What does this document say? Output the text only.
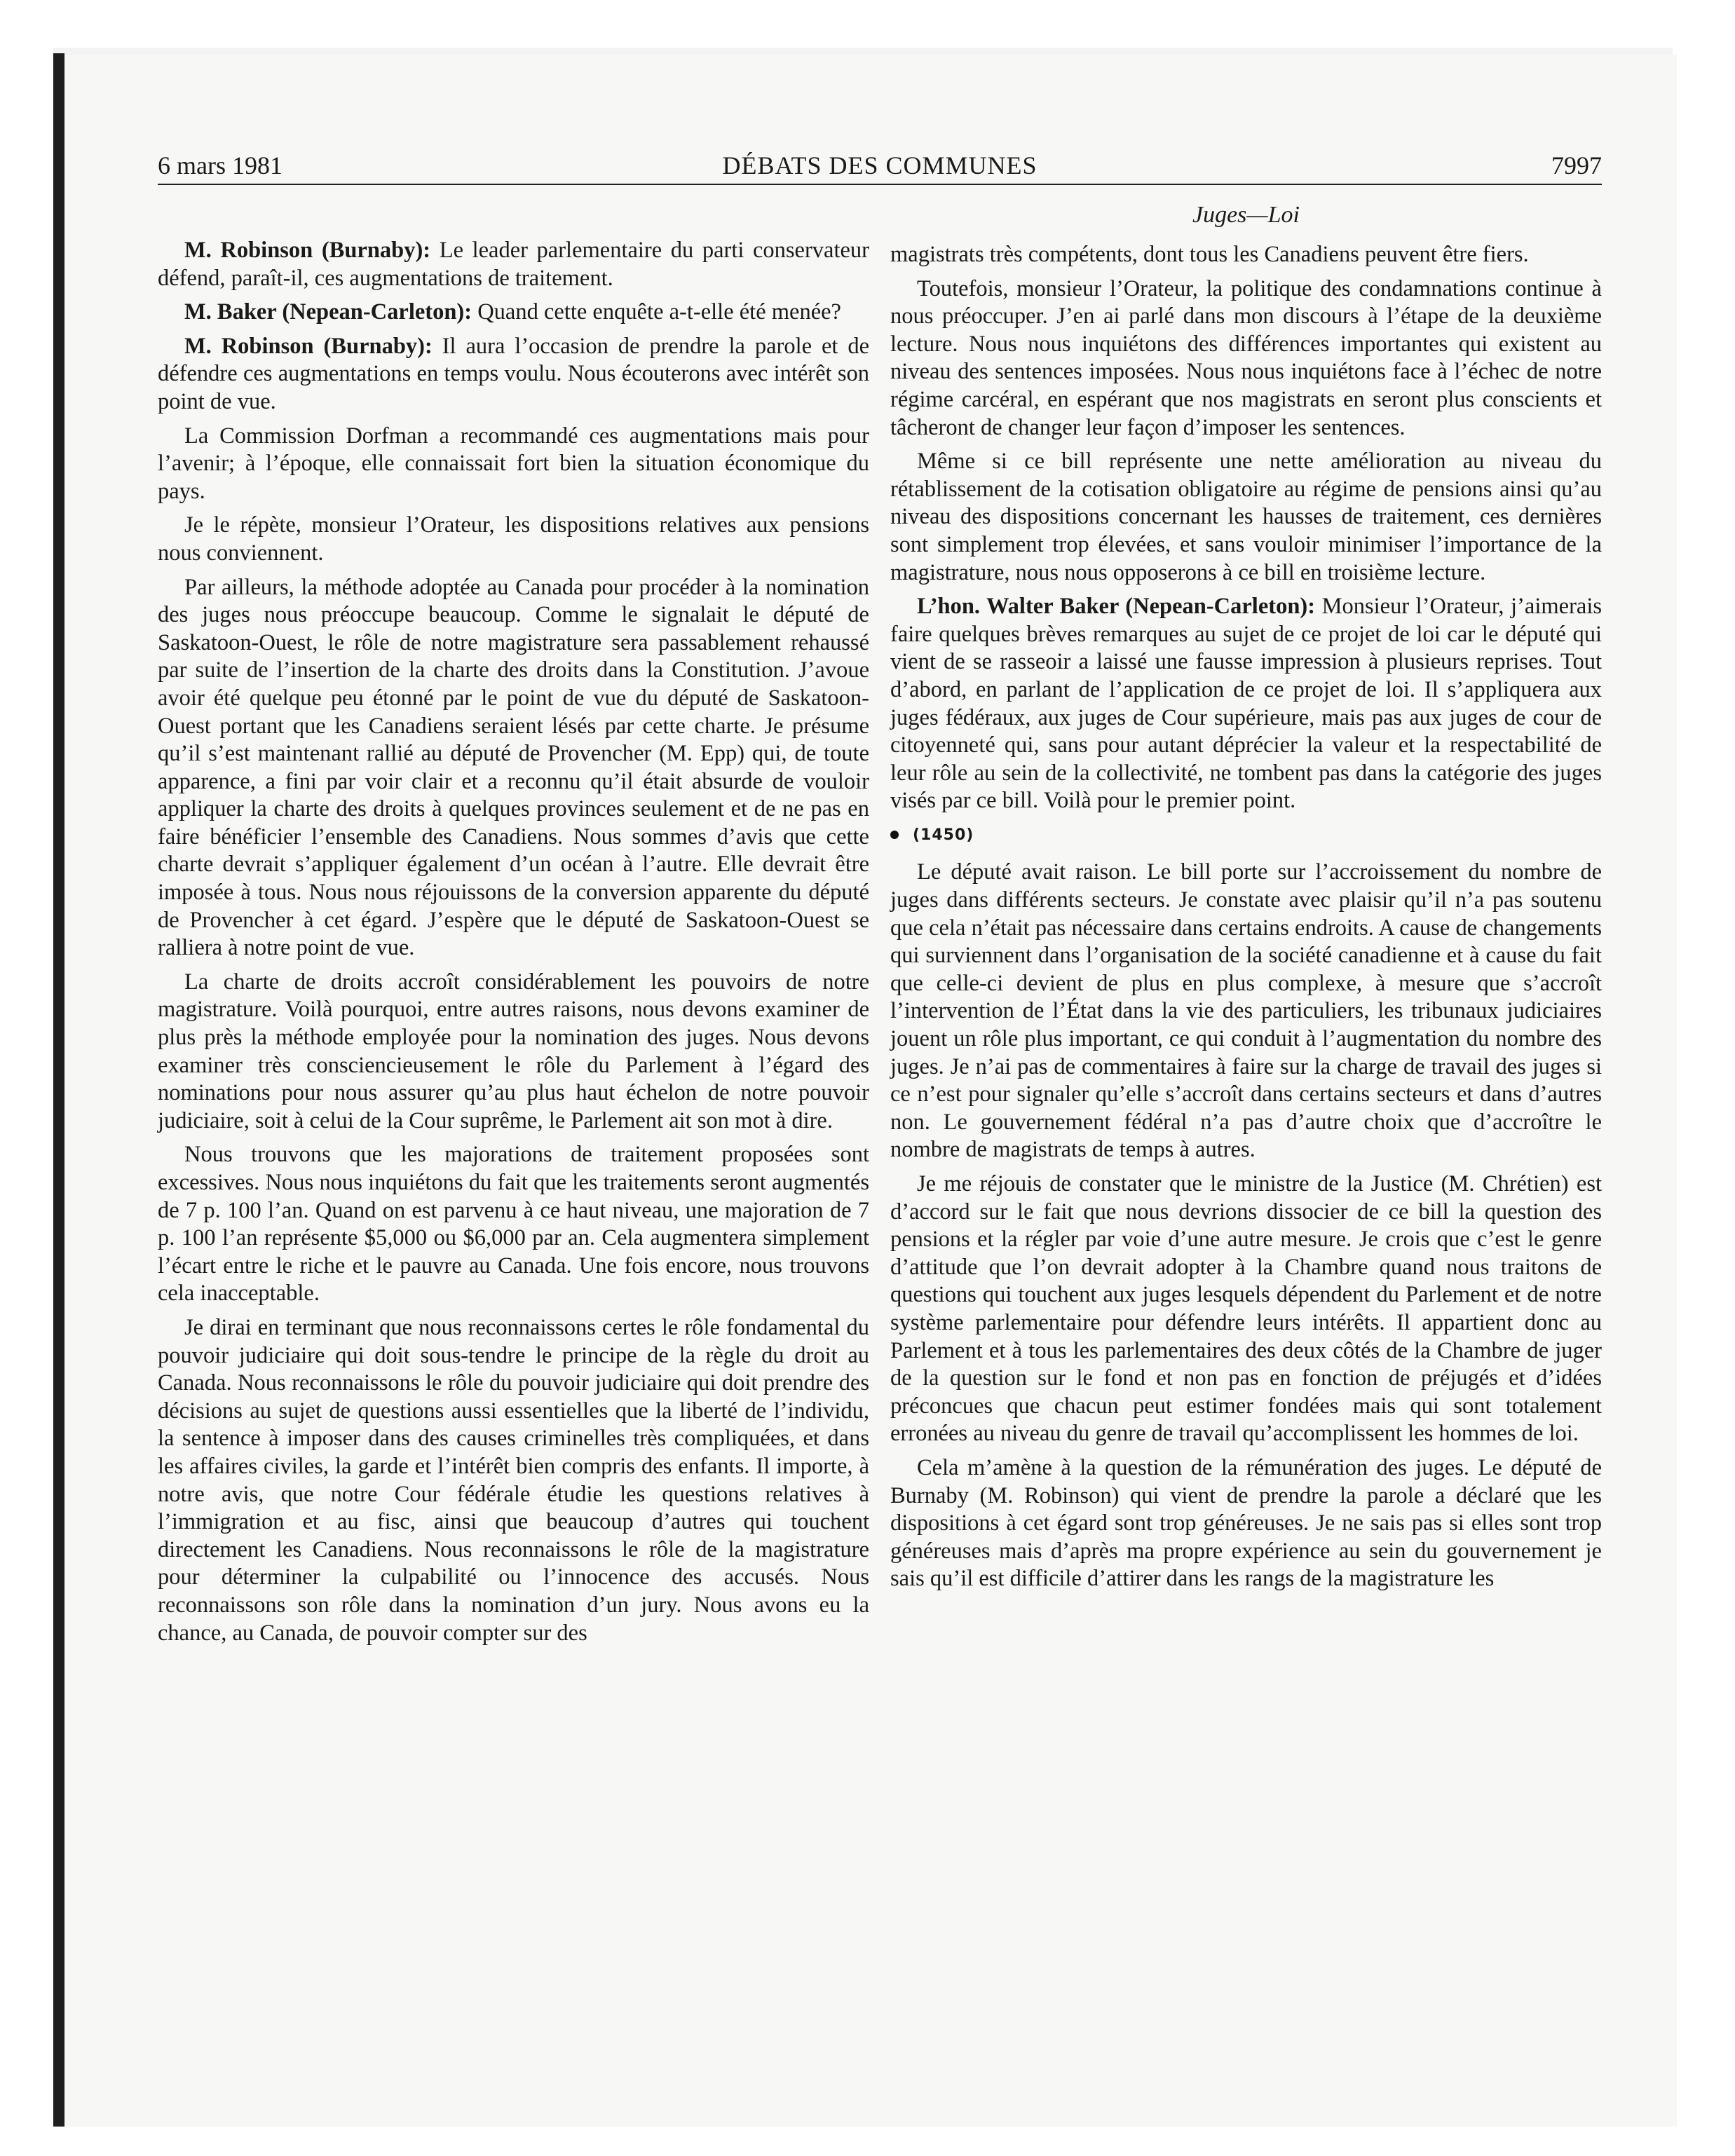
6 mars 1981	DÉBATS DES COMMUNES	7997
Juges—Loi

M. Robinson (Burnaby): Le leader parlementaire du parti conservateur défend, paraît-il, ces augmentations de traitement.

M. Baker (Nepean-Carleton): Quand cette enquête a-t-elle été menée?

M. Robinson (Burnaby): Il aura l’occasion de prendre la parole et de défendre ces augmentations en temps voulu. Nous écouterons avec intérêt son point de vue.

La Commission Dorfman a recommandé ces augmentations mais pour l’avenir; à l’époque, elle connaissait fort bien la situation économique du pays.

Je le répète, monsieur l’Orateur, les dispositions relatives aux pensions nous conviennent.

Par ailleurs, la méthode adoptée au Canada pour procéder à la nomination des juges nous préoccupe beaucoup. Comme le signalait le député de Saskatoon-Ouest, le rôle de notre magistrature sera passablement rehaussé par suite de l’insertion de la charte des droits dans la Constitution. J’avoue avoir été quelque peu étonné par le point de vue du député de Saskatoon-Ouest portant que les Canadiens seraient lésés par cette charte. Je présume qu’il s’est maintenant rallié au député de Provencher (M. Epp) qui, de toute apparence, a fini par voir clair et a reconnu qu’il était absurde de vouloir appliquer la charte des droits à quelques provinces seulement et de ne pas en faire bénéficier l’ensemble des Canadiens. Nous sommes d’avis que cette charte devrait s’appliquer également d’un océan à l’autre. Elle devrait être imposée à tous. Nous nous réjouissons de la conversion apparente du député de Provencher à cet égard. J’espère que le député de Saskatoon-Ouest se ralliera à notre point de vue.

La charte de droits accroît considérablement les pouvoirs de notre magistrature. Voilà pourquoi, entre autres raisons, nous devons examiner de plus près la méthode employée pour la nomination des juges. Nous devons examiner très consciencieusement le rôle du Parlement à l’égard des nominations pour nous assurer qu’au plus haut échelon de notre pouvoir judiciaire, soit à celui de la Cour suprême, le Parlement ait son mot à dire.

Nous trouvons que les majorations de traitement proposées sont excessives. Nous nous inquiétons du fait que les traitements seront augmentés de 7 p. 100 l’an. Quand on est parvenu à ce haut niveau, une majoration de 7 p. 100 l’an représente $5,000 ou $6,000 par an. Cela augmentera simplement l’écart entre le riche et le pauvre au Canada. Une fois encore, nous trouvons cela inacceptable.

Je dirai en terminant que nous reconnaissons certes le rôle fondamental du pouvoir judiciaire qui doit sous-tendre le principe de la règle du droit au Canada. Nous reconnaissons le rôle du pouvoir judiciaire qui doit prendre des décisions au sujet de questions aussi essentielles que la liberté de l’individu, la sentence à imposer dans des causes criminelles très compliquées, et dans les affaires civiles, la garde et l’intérêt bien compris des enfants. Il importe, à notre avis, que notre Cour fédérale étudie les questions relatives à l’immigration et au fisc, ainsi que beaucoup d’autres qui touchent directement les Canadiens. Nous reconnaissons le rôle de la magistrature pour déterminer la culpabilité ou l’innocence des accusés. Nous reconnaissons son rôle dans la nomination d’un jury. Nous avons eu la chance, au Canada, de pouvoir compter sur des

magistrats très compétents, dont tous les Canadiens peuvent être fiers.

Toutefois, monsieur l’Orateur, la politique des condamnations continue à nous préoccuper. J’en ai parlé dans mon discours à l’étape de la deuxième lecture. Nous nous inquiétons des différences importantes qui existent au niveau des sentences imposées. Nous nous inquiétons face à l’échec de notre régime carcéral, en espérant que nos magistrats en seront plus conscients et tâcheront de changer leur façon d’imposer les sentences.

Même si ce bill représente une nette amélioration au niveau du rétablissement de la cotisation obligatoire au régime de pensions ainsi qu’au niveau des dispositions concernant les hausses de traitement, ces dernières sont simplement trop élevées, et sans vouloir minimiser l’importance de la magistrature, nous nous opposerons à ce bill en troisième lecture.

L’hon. Walter Baker (Nepean-Carleton): Monsieur l’Orateur, j’aimerais faire quelques brèves remarques au sujet de ce projet de loi car le député qui vient de se rasseoir a laissé une fausse impression à plusieurs reprises. Tout d’abord, en parlant de l’application de ce projet de loi. Il s’appliquera aux juges fédéraux, aux juges de Cour supérieure, mais pas aux juges de cour de citoyenneté qui, sans pour autant déprécier la valeur et la respectabilité de leur rôle au sein de la collectivité, ne tombent pas dans la catégorie des juges visés par ce bill. Voilà pour le premier point.

(1450)

Le député avait raison. Le bill porte sur l’accroissement du nombre de juges dans différents secteurs. Je constate avec plaisir qu’il n’a pas soutenu que cela n’était pas nécessaire dans certains endroits. A cause de changements qui surviennent dans l’organisation de la société canadienne et à cause du fait que celle-ci devient de plus en plus complexe, à mesure que s’accroît l’intervention de l’État dans la vie des particuliers, les tribunaux judiciaires jouent un rôle plus important, ce qui conduit à l’augmentation du nombre des juges. Je n’ai pas de commentaires à faire sur la charge de travail des juges si ce n’est pour signaler qu’elle s’accroît dans certains secteurs et dans d’autres non. Le gouvernement fédéral n’a pas d’autre choix que d’accroître le nombre de magistrats de temps à autres.

Je me réjouis de constater que le ministre de la Justice (M. Chrétien) est d’accord sur le fait que nous devrions dissocier de ce bill la question des pensions et la régler par voie d’une autre mesure. Je crois que c’est le genre d’attitude que l’on devrait adopter à la Chambre quand nous traitons de questions qui touchent aux juges lesquels dépendent du Parlement et de notre système parlementaire pour défendre leurs intérêts. Il appartient donc au Parlement et à tous les parlementaires des deux côtés de la Chambre de juger de la question sur le fond et non pas en fonction de préjugés et d’idées préconcues que chacun peut estimer fondées mais qui sont totalement erronées au niveau du genre de travail qu’accomplissent les hommes de loi.

Cela m’amène à la question de la rémunération des juges. Le député de Burnaby (M. Robinson) qui vient de prendre la parole a déclaré que les dispositions à cet égard sont trop généreuses. Je ne sais pas si elles sont trop généreuses mais d’après ma propre expérience au sein du gouvernement je sais qu’il est difficile d’attirer dans les rangs de la magistrature les
